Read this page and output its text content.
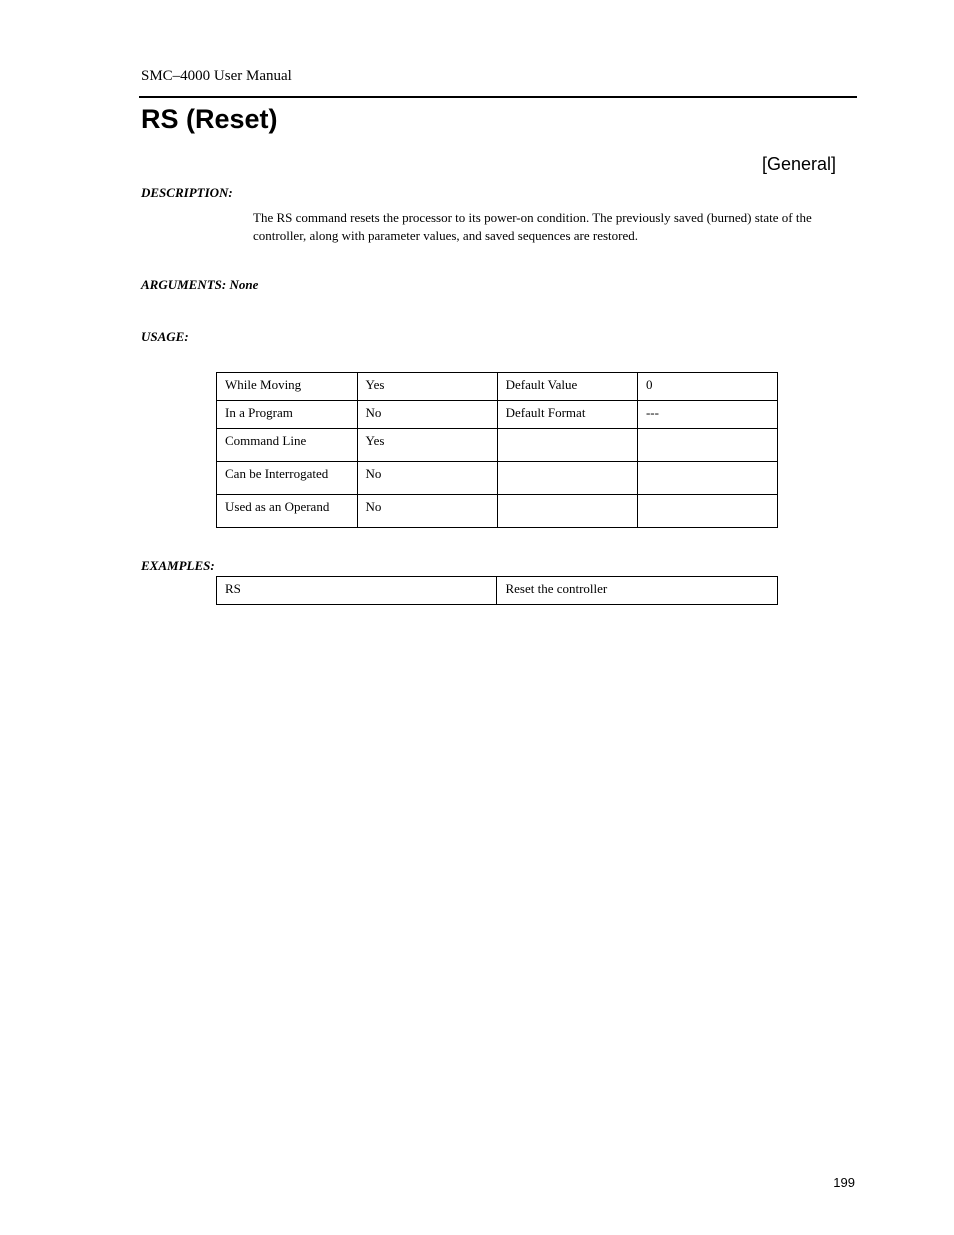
SMC–4000 User Manual
RS (Reset)
[General]
DESCRIPTION:
The RS command resets the processor to its power-on condition. The previously saved (burned) state of the controller, along with parameter values, and saved sequences are restored.
ARGUMENTS: None
USAGE:
While Moving	Yes	Default Value	0
In a Program	No	Default Format	---
Command Line	Yes		
Can be Interrogated	No		
Used as an Operand	No		
EXAMPLES:
RS	Reset the controller
199
